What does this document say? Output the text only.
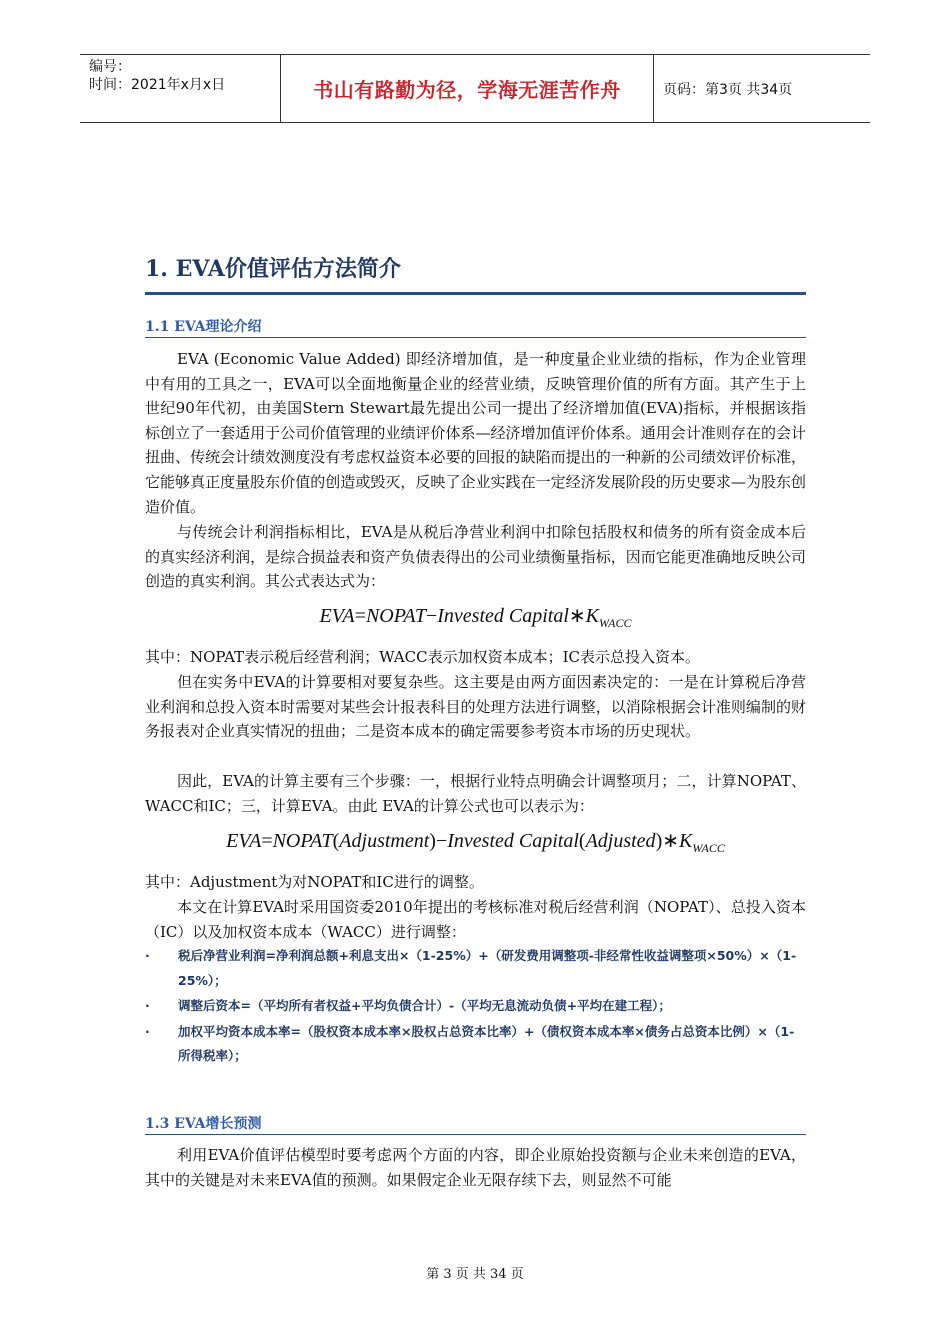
编号：
时间：2021年x月x日	书山有路勤为径，学海无涯苦作舟	页码：第3页 共34页
1. EVA价值评估方法简介
1.1 EVA理论介绍
EVA (Economic Value Added) 即经济增加值，是一种度量企业业绩的指标，作为企业管理中有用的工具之一，EVA可以全面地衡量企业的经营业绩，反映管理价值的所有方面。其产生于上世纪90年代初，由美国Stern Stewart最先提出公司一提出了经济增加值(EVA)指标，并根据该指标创立了一套适用于公司价值管理的业绩评价体系—经济增加值评价体系。通用会计准则存在的会计扭曲、传统会计绩效测度没有考虑权益资本必要的回报的缺陷而提出的一种新的公司绩效评价标准，它能够真正度量股东价值的创造或毁灭，反映了企业实践在一定经济发展阶段的历史要求—为股东创造价值。
与传统会计利润指标相比，EVA是从税后净营业利润中扣除包括股权和债务的所有资金成本后的真实经济利润，是综合损益表和资产负债表得出的公司业绩衡量指标，因而它能更准确地反映公司创造的真实利润。其公式表达式为：
EVA=NOPAT−Invested $Capital∗K_{WACC}$
其中：NOPAT表示税后经营利润；WACC表示加权资本成本；IC表示总投入资本。
但在实务中EVA的计算要相对要复杂些。这主要是由两方面因素决定的：一是在计算税后净营业利润和总投入资本时需要对某些会计报表科目的处理方法进行调整，以消除根据会计准则编制的财务报表对企业真实情况的扭曲；二是资本成本的确定需要参考资本市场的历史现状。
因此，EVA的计算主要有三个步骤：一，根据行业特点明确会计调整项月；二，计算NOPAT、WACC和IC；三，计算EVA。由此 EVA的计算公式也可以表示为：
EVA=NOPAT(Adjustment)−Invested $Capital(Adjusted)∗K_{WACC}$
其中：Adjustment为对NOPAT和IC进行的调整。
本文在计算EVA时采用国资委2010年提出的考核标准对税后经营利润（NOPAT）、总投入资本（IC）以及加权资本成本（WACC）进行调整：
· 税后净营业利润=净利润总额+利息支出×（1-25%）+（研发费用调整项-非经常性收益调整项×50%）×（1-25%）；
· 调整后资本=（平均所有者权益+平均负债合计）-（平均无息流动负债+平均在建工程）；
· 加权平均资本成本率=（股权资本成本率×股权占总资本比率）+（债权资本成本率×债务占总资本比例）×（1-所得税率）；
1.3 EVA增长预测
利用EVA价值评估模型时要考虑两个方面的内容，即企业原始投资额与企业未来创造的EVA，其中的关键是对未来EVA值的预测。如果假定企业无限存续下去，则显然不可能
第 3 页 共 34 页
